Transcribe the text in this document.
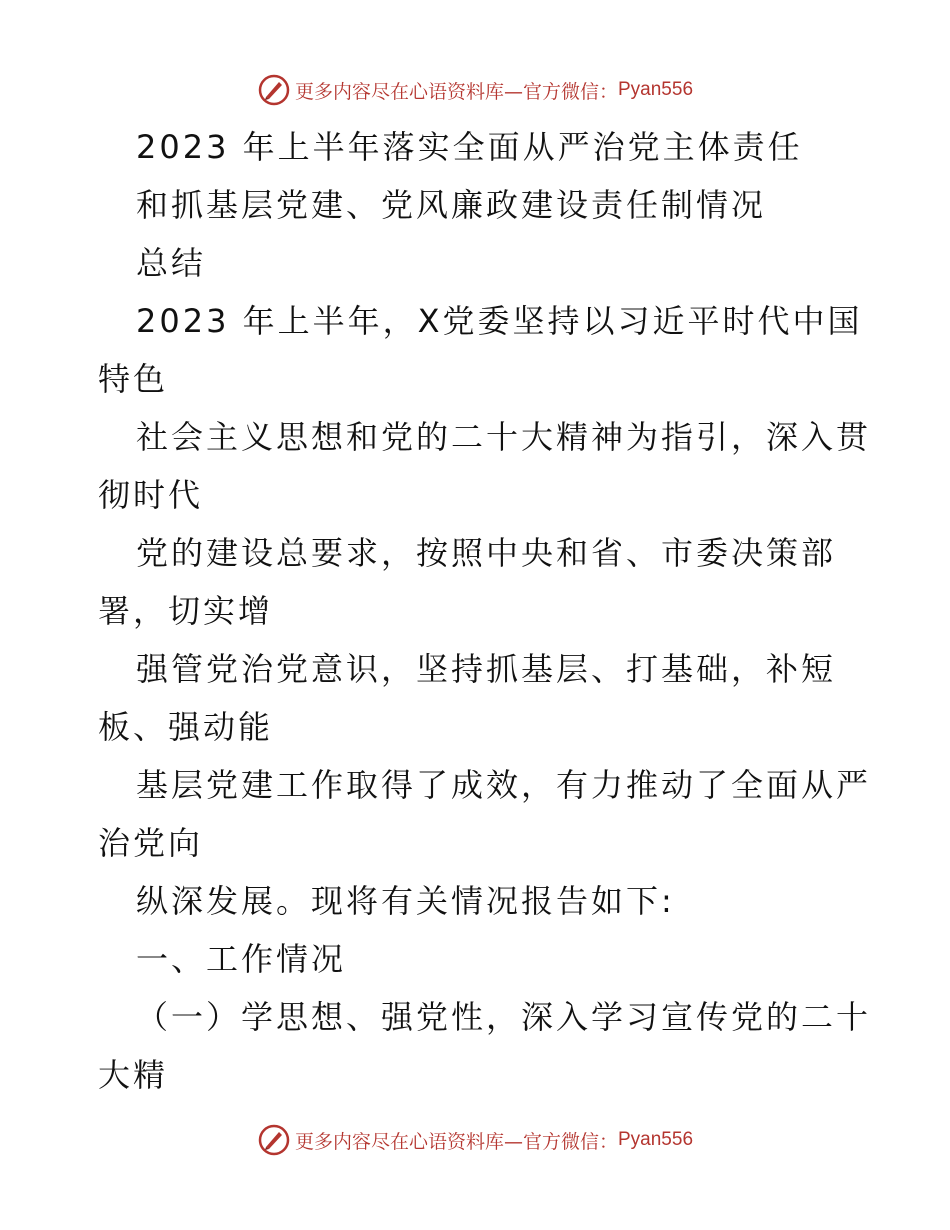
更多内容尽在心语资料库—官方微信： Pyan556
2023 年上半年落实全面从严治党主体责任
和抓基层党建、党风廉政建设责任制情况
总结
2023 年上半年，X党委坚持以习近平时代中国
特色
社会主义思想和党的二十大精神为指引，深入贯
彻时代
党的建设总要求，按照中央和省、市委决策部
署，切实增
强管党治党意识，坚持抓基层、打基础，补短
板、强动能
基层党建工作取得了成效，有力推动了全面从严
治党向
纵深发展。现将有关情况报告如下:
一、工作情况
（一）学思想、强党性，深入学习宣传党的二十
大精
更多内容尽在心语资料库—官方微信： Pyan556
